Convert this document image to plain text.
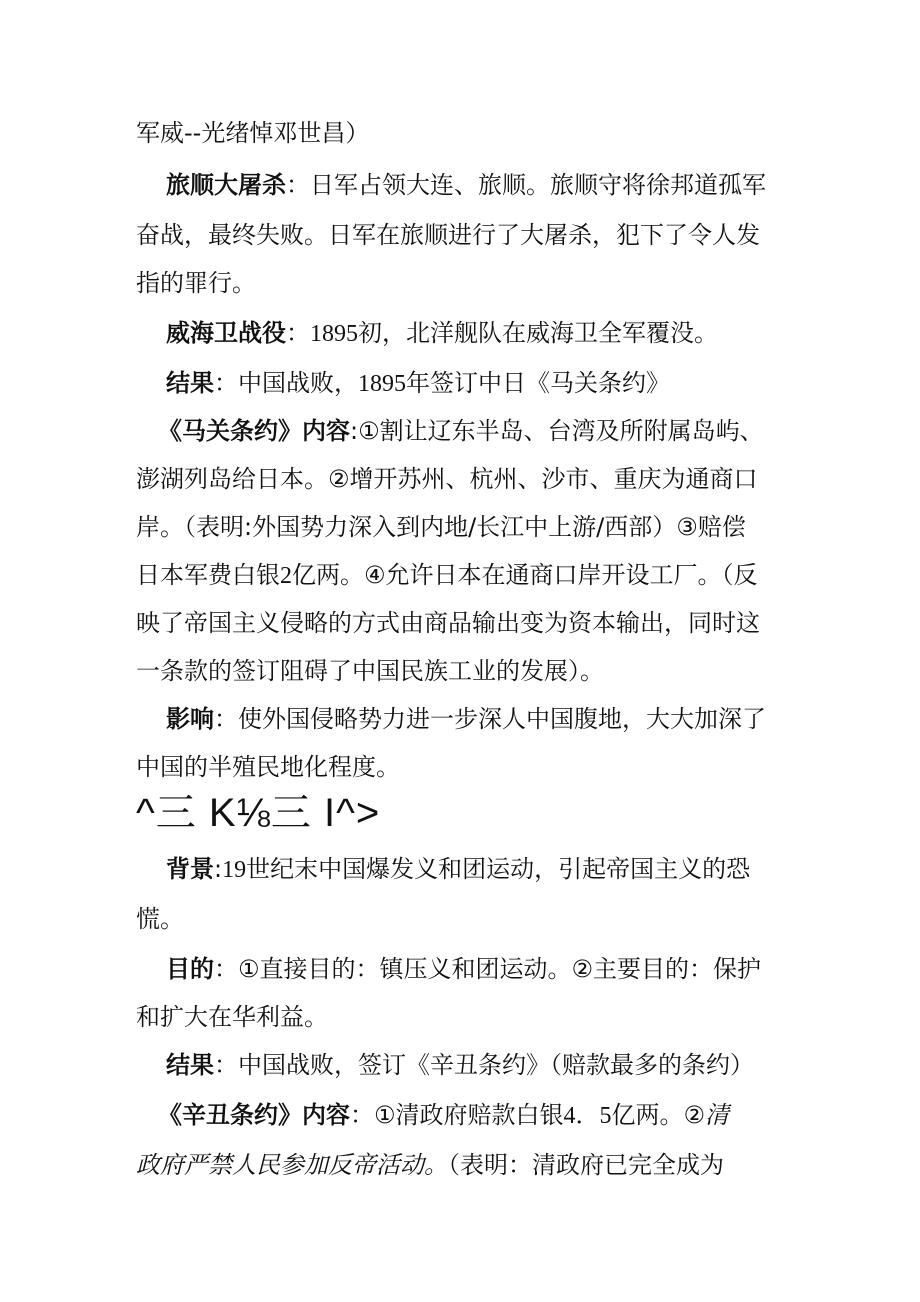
军威--光绪悼邓世昌）
旅顺大屠杀：日军占领大连、旅顺。旅顺守将徐邦道孤军
奋战，最终失败。日军在旅顺进行了大屠杀，犯下了令人发
指的罪行。
威海卫战役：1895初，北洋舰队在威海卫全军覆没。
结果：中国战败，1895年签订中日《马关条约》
《马关条约》内容:①割让辽东半岛、台湾及所附属岛屿、
澎湖列岛给日本。②增开苏州、杭州、沙市、重庆为通商口
岸。（表明:外国势力深入到内地/长江中上游/西部）③赔偿
日本军费白银2亿两。④允许日本在通商口岸开设工厂。（反
映了帝国主义侵略的方式由商品输出变为资本输出，同时这
一条款的签订阻碍了中国民族工业的发展）。
影响：使外国侵略势力进一步深人中国腹地，大大加深了
中国的半殖民地化程度。
^三 K⅛三 I^>
背景:19世纪末中国爆发义和团运动，引起帝国主义的恐
慌。
目的：①直接目的：镇压义和团运动。②主要目的：保护
和扩大在华利益。
结果：中国战败，签订《辛丑条约》（赔款最多的条约）
《辛丑条约》内容：①清政府赔款白银4．5亿两。②清
政府严禁人民参加反帝活动。（表明：清政府已完全成为
